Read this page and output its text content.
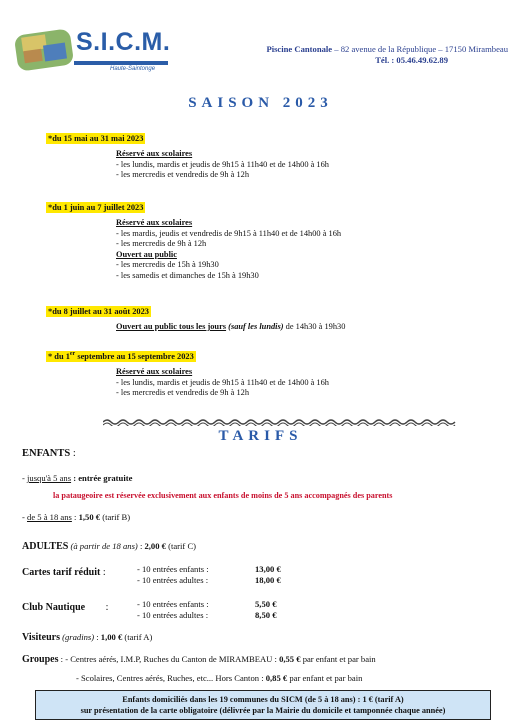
S.I.C.M.
Haute-Saintonge
Piscine Cantonale – 82 avenue de la République – 17150 Mirambeau
Tél. : 05.46.49.62.89
SAISON 2023
*du 15 mai au 31 mai 2023
Réservé aux scolaires
- les lundis, mardis et jeudis de 9h15 à 11h40 et de 14h00 à 16h
- les mercredis et vendredis de 9h à 12h
*du 1 juin au 7 juillet 2023
Réservé aux scolaires
- les mardis, jeudis et vendredis de 9h15 à 11h40 et de 14h00 à 16h
- les mercredis de 9h à 12h
Ouvert au public
- les mercredis de 15h à 19h30
- les samedis et dimanches de 15h à 19h30
*du 8 juillet au 31 août 2023
Ouvert au public tous les jours (sauf les lundis) de 14h30 à 19h30
* du 1er septembre au 15 septembre 2023
Réservé aux scolaires
- les lundis, mardis et jeudis de 9h15 à 11h40 et de 14h00 à 16h
- les mercredis et vendredis de 9h à 12h
TARIFS
ENFANTS :
- jusqu'à 5 ans : entrée gratuite
la pataugeoire est réservée exclusivement aux enfants de moins de 5 ans accompagnés des parents
- de 5 à 18 ans : 1,50 € (tarif B)
ADULTES (à partir de 18 ans) : 2,00 € (tarif C)
Cartes tarif réduit :	- 10 entrées enfants :	13,00 €
- 10 entrées adultes :	18,00 €
Club Nautique :	- 10 entrées enfants :	5,50 €
- 10 entrées adultes :	8,50 €
Visiteurs (gradins) : 1,00 € (tarif A)
Groupes : - Centres aérés, I.M.P, Ruches du Canton de MIRAMBEAU : 0,55 € par enfant et par bain
- Scolaires, Centres aérés, Ruches, etc... Hors Canton : 0,85 € par enfant et par bain
Enfants domiciliés dans les 19 communes du SICM (de 5 à 18 ans) : 1 € (tarif A)
sur présentation de la carte obligatoire (délivrée par la Mairie du domicile et tamponnée chaque année)
